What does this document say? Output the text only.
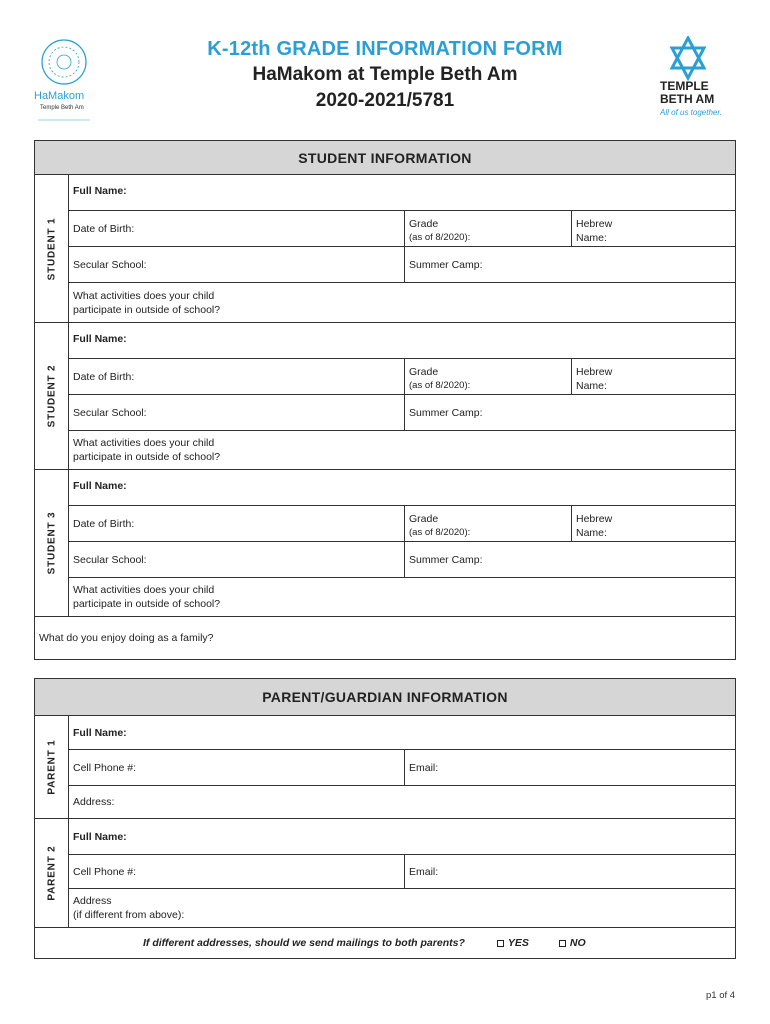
HaMakom
Temple Beth Am
K-12th GRADE INFORMATION FORM
HaMakom at Temple Beth Am
2020-2021/5781
TEMPLE
BETH AM
All of us together.
STUDENT INFORMATION
STUDENT 1
Full Name:
Date of Birth:	Grade
(as of 8/2020):
Hebrew
Name:
Secular School:	Summer Camp:
What activities does your child
participate in outside of school?
STUDENT 2
Full Name:
Date of Birth:	Grade
(as of 8/2020):
Hebrew
Name:
Secular School:	Summer Camp:
What activities does your child
participate in outside of school?
STUDENT 3
Full Name:
Date of Birth:	Grade
(as of 8/2020):
Hebrew
Name:
Secular School:	Summer Camp:
What activities does your child
participate in outside of school?
What do you enjoy doing as a family?
PARENT/GUARDIAN INFORMATION
PARENT 1
Full Name:
Cell Phone #:	Email:
Address:
PARENT 2
Full Name:
Cell Phone #:	Email:
Address
(if different from above):
If different addresses, should we send mailings to both parents?	YES	NO
p1 of 4
